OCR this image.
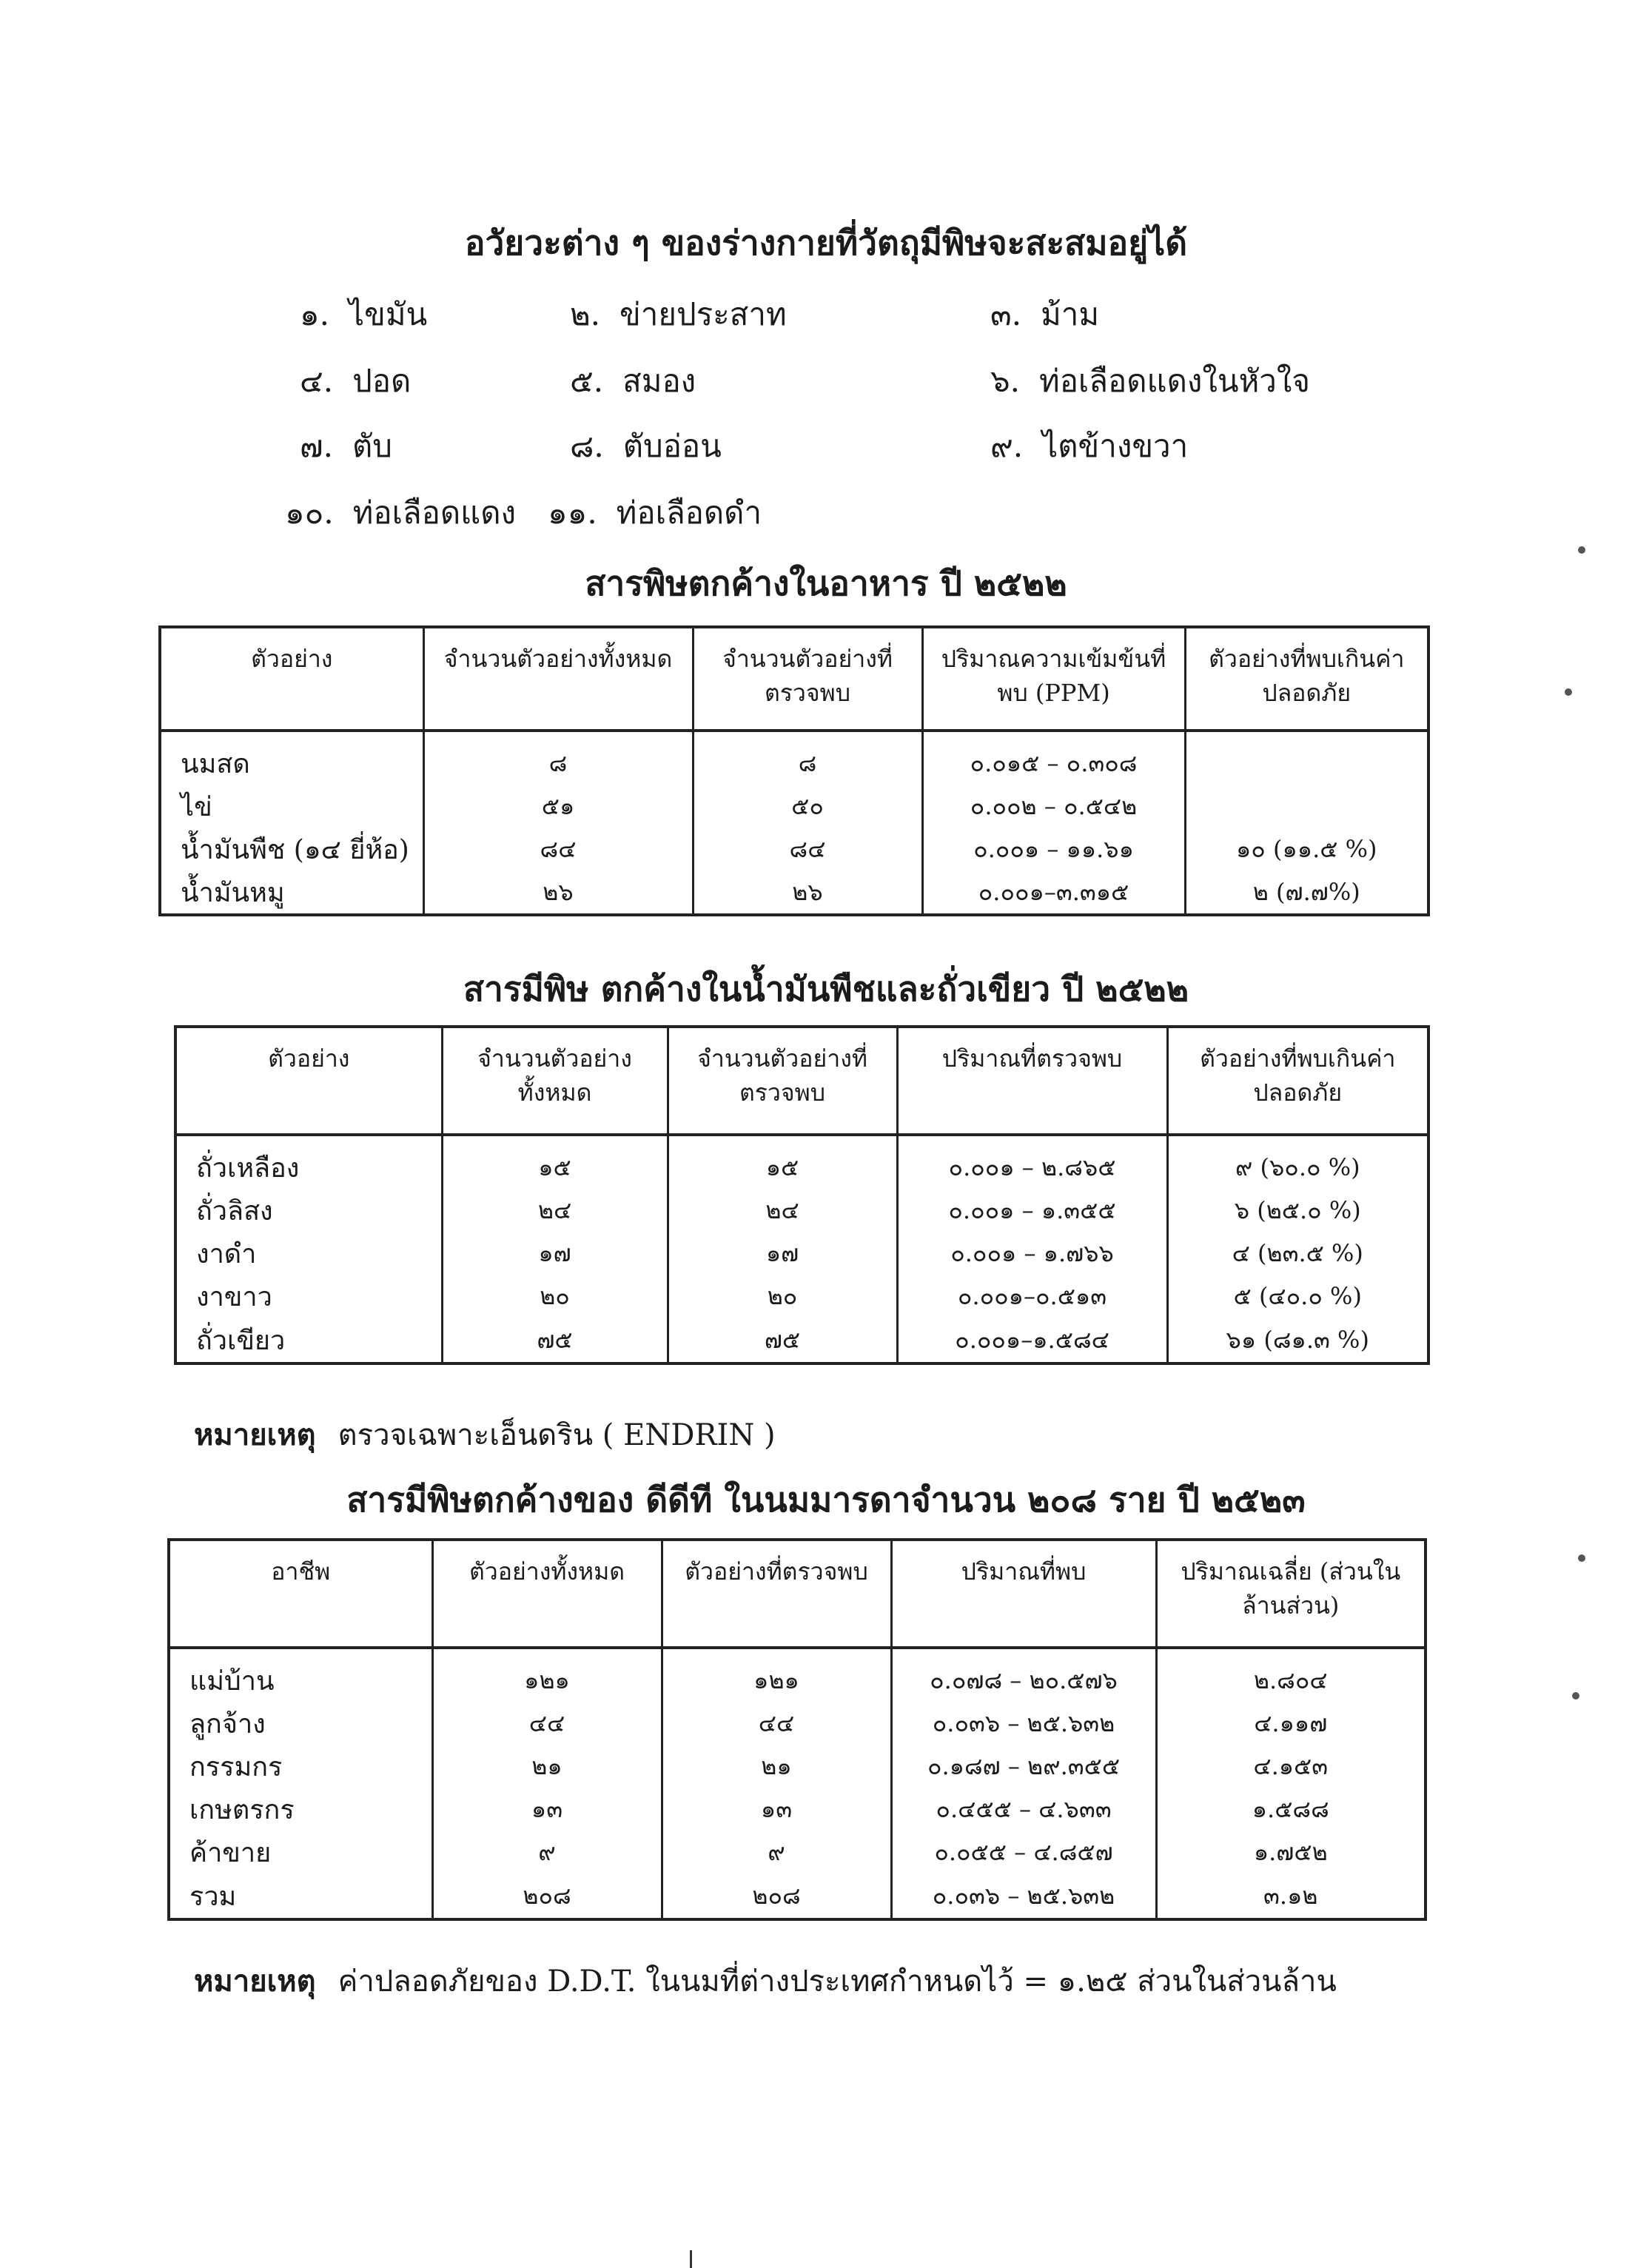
อวัยวะต่าง ๆ ของร่างกายที่วัตถุมีพิษจะสะสมอยู่ได้
๑. ไขมัน	๒. ข่ายประสาท	๓. ม้าม
๔. ปอด	๕. สมอง	๖. ท่อเลือดแดงในหัวใจ
๗. ตับ	๘. ตับอ่อน	๙. ไตข้างขวา
๑๐. ท่อเลือดแดง ๑๑. ท่อเลือดดำ
สารพิษตกค้างในอาหาร ปี ๒๕๒๒
ตัวอย่าง	จำนวนตัวอย่างทั้งหมด	จำนวนตัวอย่างที่ตรวจพบ	ปริมาณความเข้มข้นที่พบ (PPM)	ตัวอย่างที่พบเกินค่าปลอดภัย
นมสด	๘	๘	๐.๐๑๕ – ๐.๓๐๘	
ไข่	๕๑	๕๐	๐.๐๐๒ – ๐.๕๔๒	
น้ำมันพืช (๑๔ ยี่ห้อ)	๘๔	๘๔	๐.๐๐๑ – ๑๑.๖๑	๑๐ (๑๑.๕ %)
น้ำมันหมู	๒๖	๒๖	๐.๐๐๑–๓.๓๑๕	๒ (๗.๗%)
สารมีพิษ ตกค้างในน้ำมันพืชและถั่วเขียว ปี ๒๕๒๒
ตัวอย่าง	จำนวนตัวอย่างทั้งหมด	จำนวนตัวอย่างที่ตรวจพบ	ปริมาณที่ตรวจพบ	ตัวอย่างที่พบเกินค่าปลอดภัย
ถั่วเหลือง	๑๕	๑๕	๐.๐๐๑ – ๒.๘๖๕	๙ (๖๐.๐ %)
ถั่วลิสง	๒๔	๒๔	๐.๐๐๑ – ๑.๓๕๕	๖ (๒๕.๐ %)
งาดำ	๑๗	๑๗	๐.๐๐๑ – ๑.๗๖๖	๔ (๒๓.๕ %)
งาขาว	๒๐	๒๐	๐.๐๐๑–๐.๕๑๓	๕ (๔๐.๐ %)
ถั่วเขียว	๗๕	๗๕	๐.๐๐๑–๑.๕๘๔	๖๑ (๘๑.๓ %)
หมายเหตุ ตรวจเฉพาะเอ็นดริน ( ENDRIN )
สารมีพิษตกค้างของ ดีดีที ในนมมารดาจำนวน ๒๐๘ ราย ปี ๒๕๒๓
อาชีพ	ตัวอย่างทั้งหมด	ตัวอย่างที่ตรวจพบ	ปริมาณที่พบ	ปริมาณเฉลี่ย (ส่วนในล้านส่วน)
แม่บ้าน	๑๒๑	๑๒๑	๐.๐๗๘ – ๒๐.๕๗๖	๒.๘๐๔
ลูกจ้าง	๔๔	๔๔	๐.๐๓๖ – ๒๕.๖๓๒	๔.๑๑๗
กรรมกร	๒๑	๒๑	๐.๑๘๗ – ๒๙.๓๕๕	๔.๑๕๓
เกษตรกร	๑๓	๑๓	๐.๔๕๕ – ๔.๖๓๓	๑.๕๘๘
ค้าขาย	๙	๙	๐.๐๕๕ – ๔.๘๕๗	๑.๗๕๒
รวม	๒๐๘	๒๐๘	๐.๐๓๖ – ๒๕.๖๓๒	๓.๑๒
หมายเหตุ ค่าปลอดภัยของ D.D.T. ในนมที่ต่างประเทศกำหนดไว้ = ๑.๒๕ ส่วนในส่วนล้าน
